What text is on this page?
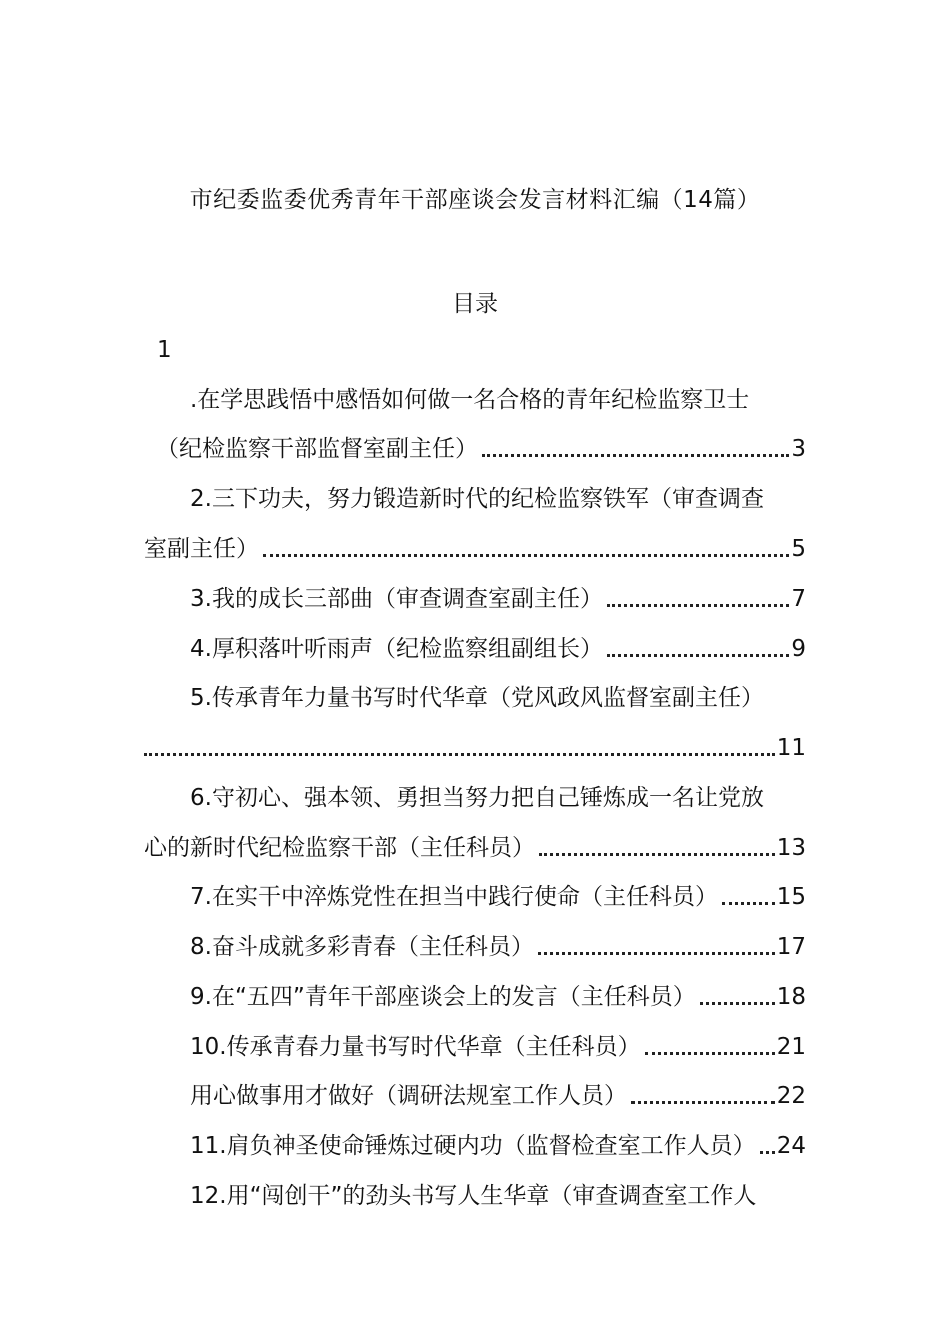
市纪委监委优秀青年干部座谈会发言材料汇编（14篇）
目录
1
.在学思践悟中感悟如何做一名合格的青年纪检监察卫士
（纪检监察干部监督室副主任）	3
2.三下功夫，努力锻造新时代的纪检监察铁军（审查调查
室副主任）	5
3.我的成长三部曲（审查调查室副主任）	7
4.厚积落叶听雨声（纪检监察组副组长）	9
5.传承青年力量书写时代华章（党风政风监督室副主任）
11
6.守初心、强本领、勇担当努力把自己锤炼成一名让党放
心的新时代纪检监察干部（主任科员）	13
7.在实干中淬炼党性在担当中践行使命（主任科员）	15
8.奋斗成就多彩青春（主任科员）	17
9.在“五四”青年干部座谈会上的发言（主任科员）	18
10.传承青春力量书写时代华章（主任科员）	21
用心做事用才做好（调研法规室工作人员）	22
11.肩负神圣使命锤炼过硬内功（监督检查室工作人员） 24
12.用“闯创干”的劲头书写人生华章（审查调查室工作人
